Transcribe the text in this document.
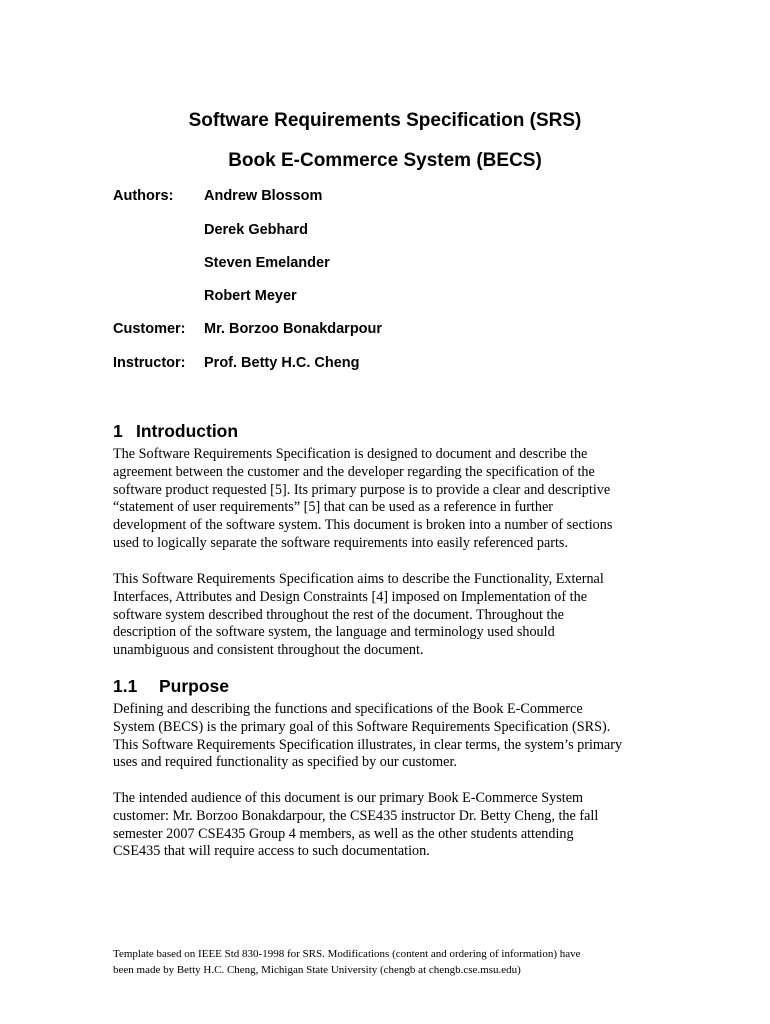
Software Requirements Specification (SRS)
Book E-Commerce System (BECS)
Authors: Andrew Blossom
Derek Gebhard
Steven Emelander
Robert Meyer
Customer: Mr. Borzoo Bonakdarpour
Instructor: Prof. Betty H.C. Cheng
1 Introduction
The Software Requirements Specification is designed to document and describe the
agreement between the customer and the developer regarding the specification of the
software product requested [5]. Its primary purpose is to provide a clear and descriptive
“statement of user requirements” [5] that can be used as a reference in further
development of the software system. This document is broken into a number of sections
used to logically separate the software requirements into easily referenced parts.
This Software Requirements Specification aims to describe the Functionality, External
Interfaces, Attributes and Design Constraints [4] imposed on Implementation of the
software system described throughout the rest of the document. Throughout the
description of the software system, the language and terminology used should
unambiguous and consistent throughout the document.
1.1 Purpose
Defining and describing the functions and specifications of the Book E-Commerce
System (BECS) is the primary goal of this Software Requirements Specification (SRS).
This Software Requirements Specification illustrates, in clear terms, the system’s primary
uses and required functionality as specified by our customer.
The intended audience of this document is our primary Book E-Commerce System
customer: Mr. Borzoo Bonakdarpour, the CSE435 instructor Dr. Betty Cheng, the fall
semester 2007 CSE435 Group 4 members, as well as the other students attending
CSE435 that will require access to such documentation.
Template based on IEEE Std 830-1998 for SRS. Modifications (content and ordering of information) have
been made by Betty H.C. Cheng, Michigan State University (chengb at chengb.cse.msu.edu)
